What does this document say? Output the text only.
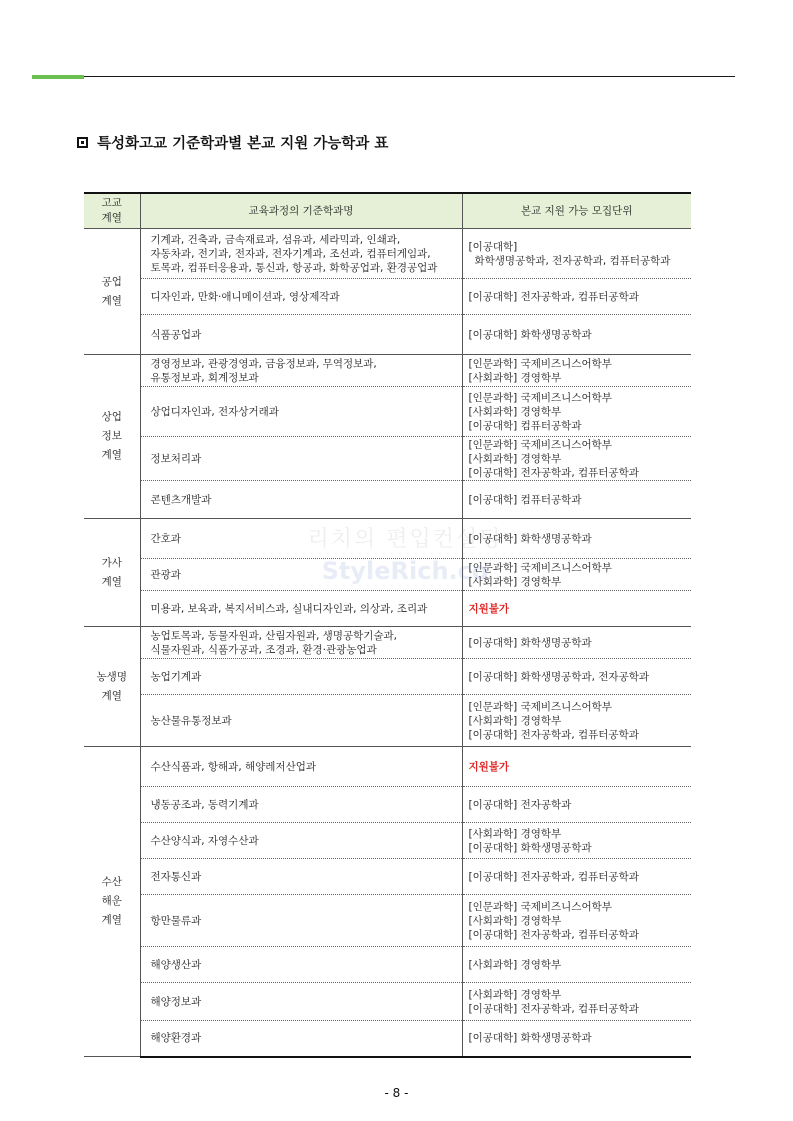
특성화고교 기준학과별 본교 지원 가능학과 표
고교
계열	교육과정의 기준학과명	본교 지원 가능 모집단위

공업
계열	기계과, 건축과, 금속재료과, 섬유과, 세라믹과, 인쇄과,
자동차과, 전기과, 전자과, 전자기계과, 조선과, 컴퓨터게임과,
토목과, 컴퓨터응용과, 통신과, 항공과, 화학공업과, 환경공업과	[이공대학]
화학생명공학과, 전자공학과, 컴퓨터공학과

	디자인과, 만화·애니메이션과, 영상제작과	[이공대학] 전자공학과, 컴퓨터공학과

	식품공업과	[이공대학] 화학생명공학과

상업
정보
계열	경영정보과, 관광경영과, 금융정보과, 무역정보과,
유통정보과, 회계정보과	[인문과학] 국제비즈니스어학부
[사회과학] 경영학부

	상업디자인과, 전자상거래과	[인문과학] 국제비즈니스어학부
[사회과학] 경영학부
[이공대학] 컴퓨터공학과

	정보처리과	[인문과학] 국제비즈니스어학부
[사회과학] 경영학부
[이공대학] 전자공학과, 컴퓨터공학과

	콘텐츠개발과	[이공대학] 컴퓨터공학과

가사
계열	간호과	[이공대학] 화학생명공학과

	관광과	[인문과학] 국제비즈니스어학부
[사회과학] 경영학부

	미용과, 보육과, 복지서비스과, 실내디자인과, 의상과, 조리과	지원불가

농생명
계열	농업토목과, 동물자원과, 산림자원과, 생명공학기술과,
식물자원과, 식품가공과, 조경과, 환경·관광농업과	[이공대학] 화학생명공학과

	농업기계과	[이공대학] 화학생명공학과, 전자공학과

	농산물유통정보과	[인문과학] 국제비즈니스어학부
[사회과학] 경영학부
[이공대학] 전자공학과, 컴퓨터공학과

수산
해운
계열	수산식품과, 항해과, 해양레저산업과	지원불가

	냉동공조과, 동력기계과	[이공대학] 전자공학과

	수산양식과, 자영수산과	[사회과학] 경영학부
[이공대학] 화학생명공학과

	전자통신과	[이공대학] 전자공학과, 컴퓨터공학과

	항만물류과	[인문과학] 국제비즈니스어학부
[사회과학] 경영학부
[이공대학] 전자공학과, 컴퓨터공학과

	해양생산과	[사회과학] 경영학부

	해양정보과	[사회과학] 경영학부
[이공대학] 전자공학과, 컴퓨터공학과

	해양환경과	[이공대학] 화학생명공학과
리치의 편입컨설팅
StyleRich.co
- 8 -
